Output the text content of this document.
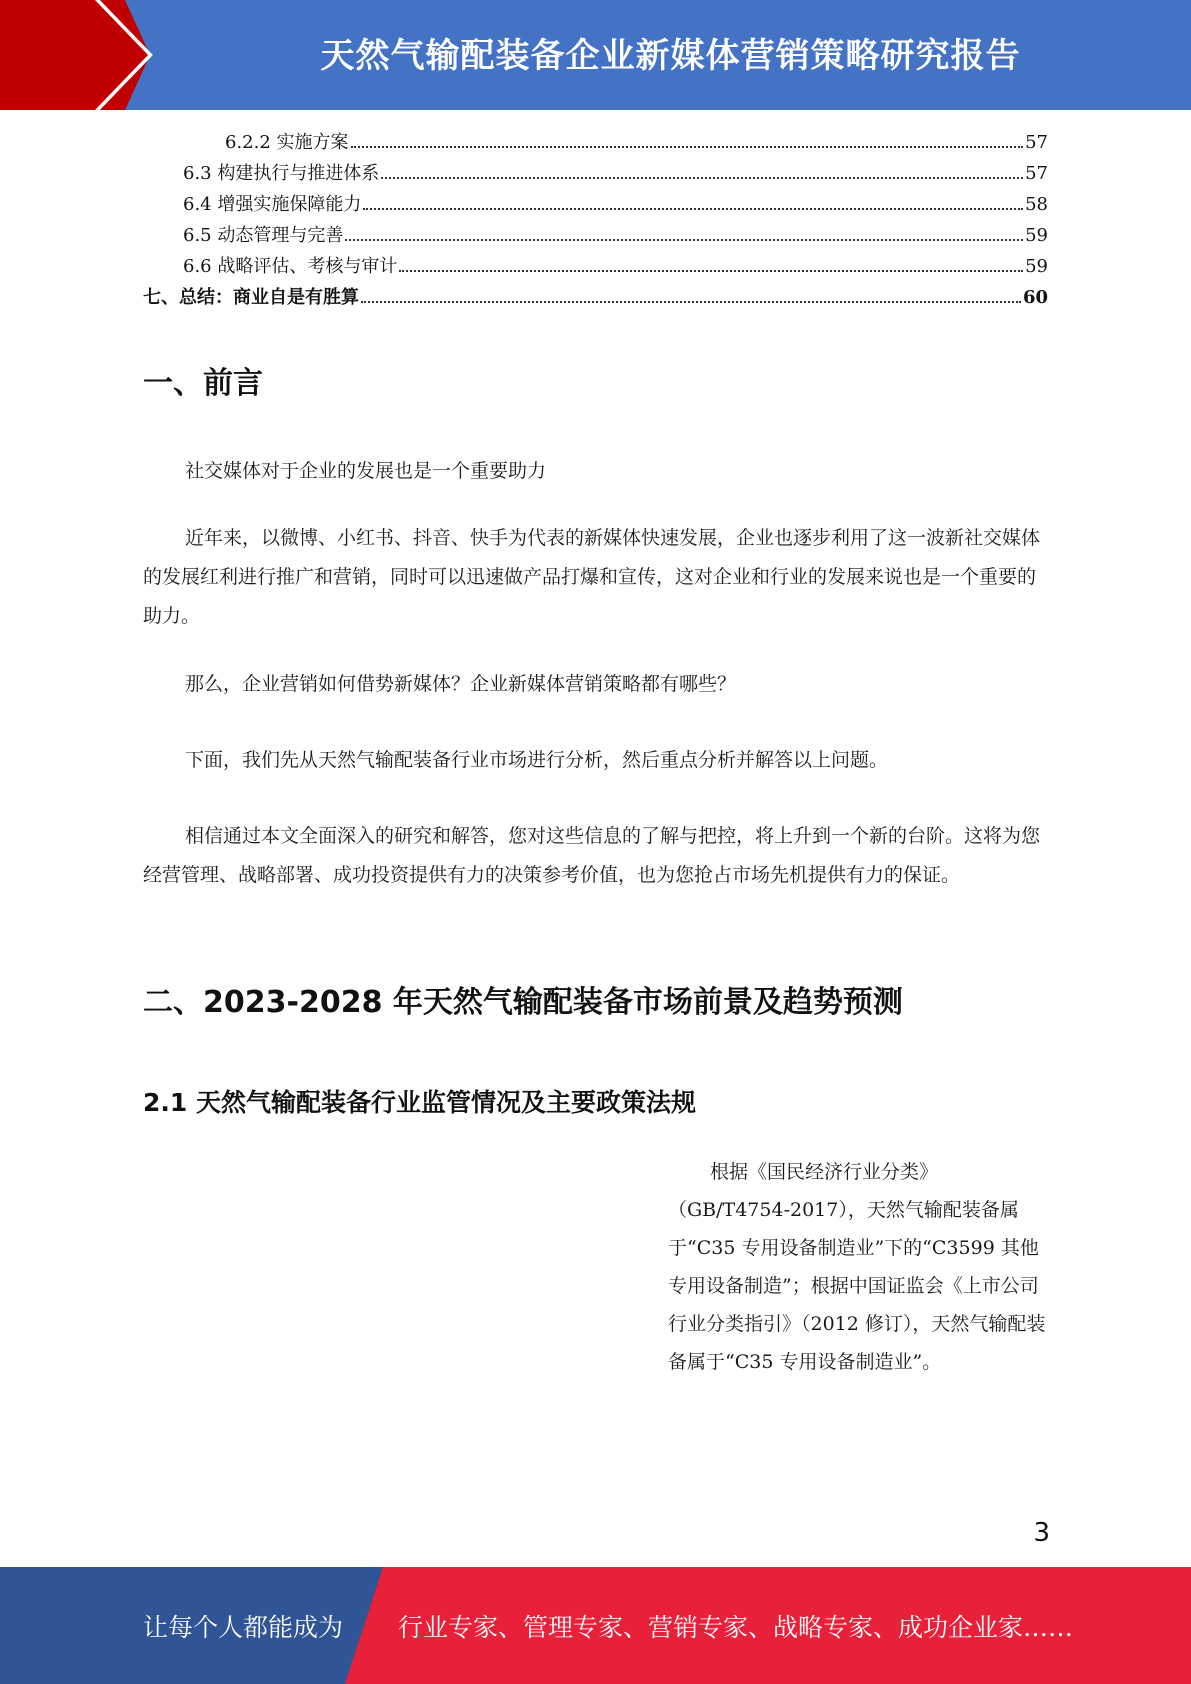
天然气输配装备企业新媒体营销策略研究报告
6.2.2 实施方案	57
6.3 构建执行与推进体系	57
6.4 增强实施保障能力	58
6.5 动态管理与完善	59
6.6 战略评估、考核与审计	59
七、总结：商业自是有胜算	60
一、前言
社交媒体对于企业的发展也是一个重要助力
近年来，以微博、小红书、抖音、快手为代表的新媒体快速发展，企业也逐步利用了这一波新社交媒体的发展红利进行推广和营销，同时可以迅速做产品打爆和宣传，这对企业和行业的发展来说也是一个重要的助力。
那么，企业营销如何借势新媒体？企业新媒体营销策略都有哪些？
下面，我们先从天然气输配装备行业市场进行分析，然后重点分析并解答以上问题。
相信通过本文全面深入的研究和解答，您对这些信息的了解与把控，将上升到一个新的台阶。这将为您经营管理、战略部署、成功投资提供有力的决策参考价值，也为您抢占市场先机提供有力的保证。
二、2023-2028 年天然气输配装备市场前景及趋势预测
2.1 天然气输配装备行业监管情况及主要政策法规
根据《国民经济行业分类》（GB/T4754-2017），天然气输配装备属于“C35 专用设备制造业”下的“C3599 其他专用设备制造”；根据中国证监会《上市公司行业分类指引》（2012 修订），天然气输配装备属于“C35 专用设备制造业”。
3
让每个人都能成为 行业专家、管理专家、营销专家、战略专家、成功企业家……
